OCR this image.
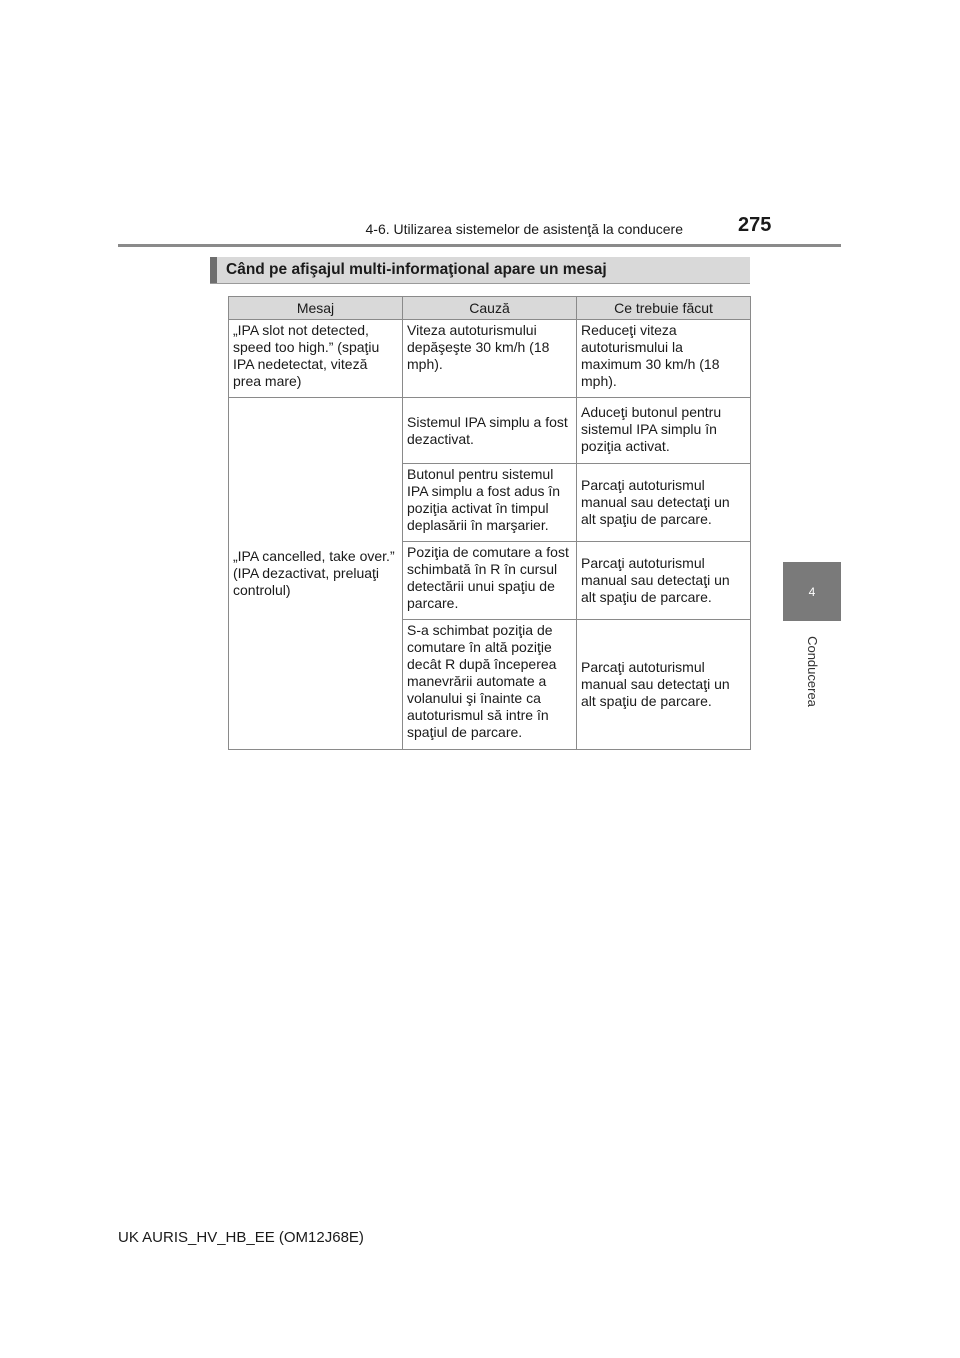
4-6. Utilizarea sistemelor de asistenţă la conducere	275
4
Conducerea
Când pe afişajul multi-informaţional apare un mesaj
Mesaj	Cauză	Ce trebuie făcut
„IPA slot not detected, speed too high.” (spaţiu IPA nedetectat, viteză prea mare)	Viteza autoturismului depăşeşte 30 km/h (18 mph).	Reduceţi viteza autoturismului la maximum 30 km/h (18 mph).
„IPA cancelled, take over.” (IPA dezactivat, preluaţi controlul)	Sistemul IPA simplu a fost dezactivat.	Aduceţi butonul pentru sistemul IPA simplu în poziţia activat.
	Butonul pentru sistemul IPA simplu a fost adus în poziţia activat în timpul deplasării în marşarier.	Parcaţi autoturismul manual sau detectaţi un alt spaţiu de parcare.
	Poziţia de comutare a fost schimbată în R în cursul detectării unui spaţiu de parcare.	Parcaţi autoturismul manual sau detectaţi un alt spaţiu de parcare.
	S-a schimbat poziţia de comutare în altă poziţie decât R după începerea manevrării automate a volanului şi înainte ca autoturismul să intre în spaţiul de parcare.	Parcaţi autoturismul manual sau detectaţi un alt spaţiu de parcare.
UK AURIS_HV_HB_EE (OM12J68E)
